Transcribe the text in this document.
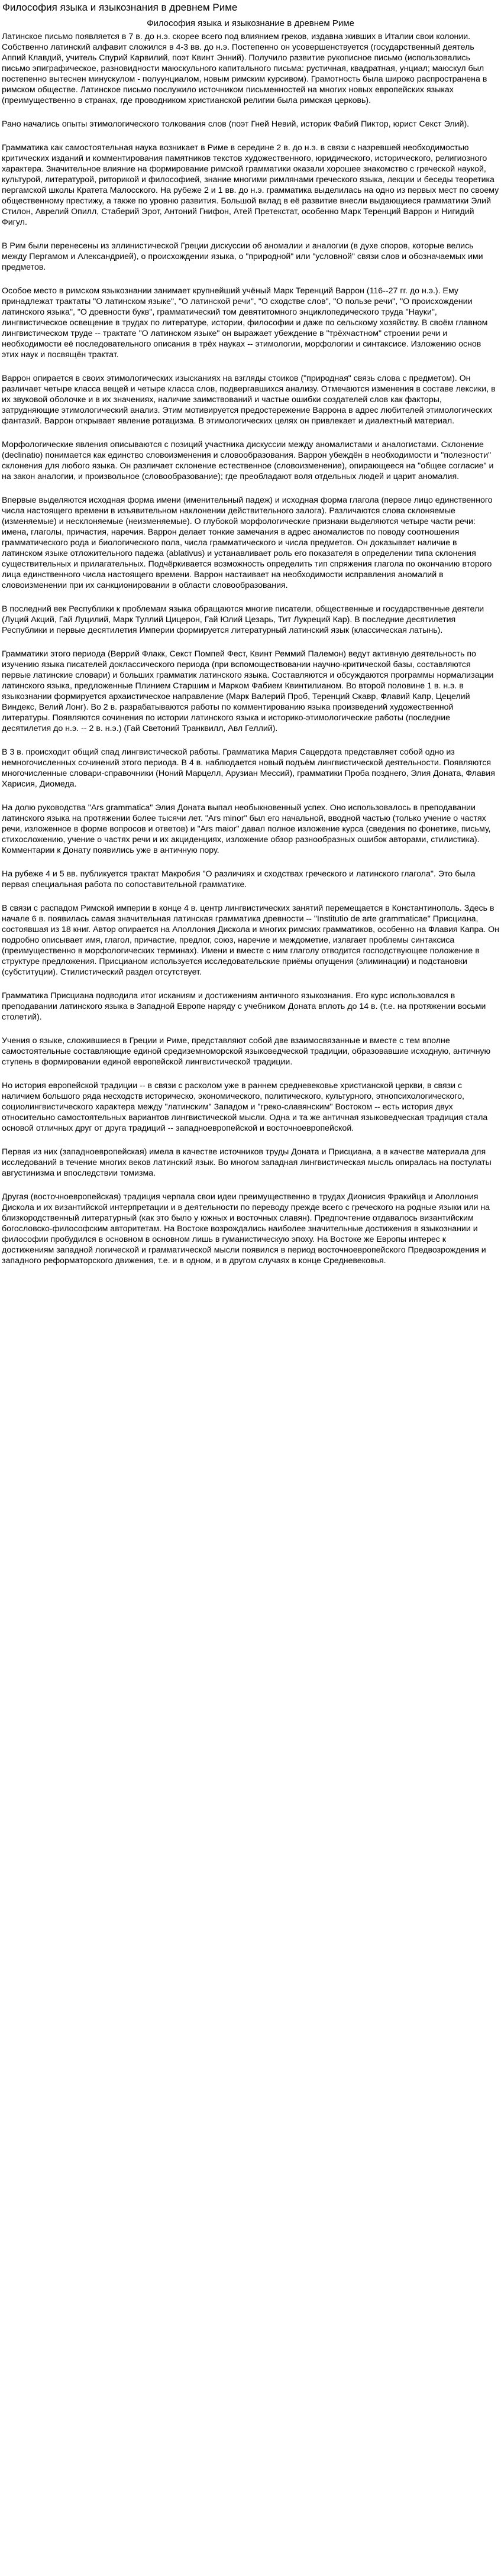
Философия языка и языкознания в древнем Риме
Философия языка и языкознание в древнем Риме

Латинское письмо появляется в 7 в. до н.э. скорее всего под влиянием греков, издавна живших в Италии свои колонии. Собственно латинский алфавит сложился в 4-3 вв. до н.э. Постепенно он усовершенствуется (государственный деятель Аппий Клавдий, учитель Спурий Карвилий, поэт Квинт Энний). Получило развитие рукописное письмо (использовались письмо эпиграфическое, разновидности маюскульного капитального письма: рустичная, квадратная, унциал; маюскул был постепенно вытеснен минускулом - полуунциалом, новым римским курсивом). Грамотность была широко распространена в римском обществе. Латинское письмо послужило источником письменностей на многих новых европейских языках (преимущественно в странах, где проводником христианской религии была римская церковь).

Рано начались опыты этимологического толкования слов (поэт Гней Невий, историк Фабий Пиктор, юрист Секст Элий).

Грамматика как самостоятельная наука возникает в Риме в середине 2 в. до н.э. в связи с назревшей необходимостью критических изданий и комментирования памятников текстов художественного, юридического, исторического, религиозного характера. Значительное влияние на формирование римской грамматики оказали хорошее знакомство с греческой наукой, культурой, литературой, риторикой и философией, знание многими римлянами греческого языка, лекции и беседы теоретика пергамской школы Кратета Малосского. На рубеже 2 и 1 вв. до н.э. грамматика выделилась на одно из первых мест по своему общественному престижу, а также по уровню развития. Большой вклад в её развитие внесли выдающиеся грамматики Элий Стилон, Аврелий Опилл, Стаберий Эрот, Антоний Гнифон, Атей Претекстат, особенно Марк Теренций Варрон и Нигидий Фигул.

В Рим были перенесены из эллинистической Греции дискуссии об аномалии и аналогии (в духе споров, которые велись между Пергамом и Александрией), о происхождении языка, о "природной" или "условной" связи слов и обозначаемых ими предметов.

Особое место в римском языкознании занимает крупнейший учёный Марк Теренций Варрон (116--27 гг. до н.э.). Ему принадлежат трактаты "О латинском языке", "О латинской речи", "О сходстве слов", "О пользе речи", "О происхождении латинского языка", "О древности букв", грамматический том девятитомного энциклопедического труда "Науки", лингвистическое освещение в трудах по литературе, истории, философии и даже по сельскому хозяйству. В своём главном лингвистическом труде -- трактате "О латинском языке" он выражает убеждение в "трёхчастном" строении речи и необходимости её последовательного описания в трёх науках -- этимологии, морфологии и синтаксисе. Изложению основ этих наук и посвящён трактат.

Варрон опирается в своих этимологических изысканиях на взгляды стоиков ("природная" связь слова с предметом). Он различает четыре класса вещей и четыре класса слов, подвергавшихся анализу. Отмечаются изменения в составе лексики, в их звуковой оболочке и в их значениях, наличие заимствований и частые ошибки создателей слов как факторы, затрудняющие этимологический анализ. Этим мотивируется предостережение Варрона в адрес любителей этимологических фантазий. Варрон открывает явление ротацизма. В этимологических целях он привлекает и диалектный материал.

Морфологические явления описываются с позиций участника дискуссии между аномалистами и аналогистами. Склонение (declinatio) понимается как единство словоизменения и словообразования. Варрон убеждён в необходимости и "полезности" склонения для любого языка. Он различает склонение естественное (словоизменение), опирающееся на "общее согласие" и на закон аналогии, и произвольное (словообразование); где преобладают воля отдельных людей и царит аномалия.

Впервые выделяются исходная форма имени (именительный падеж) и исходная форма глагола (первое лицо единственного числа настоящего времени в изъявительном наклонении действительного залога). Различаются слова склоняемые (изменяемые) и несклоняемые (неизменяемые). О глубокой морфологические признаки выделяются четыре части речи: имена, глаголы, причастия, наречия. Варрон делает тонкие замечания в адрес аномалистов по поводу соотношения грамматического рода и биологического пола, числа грамматического и числа предметов. Он доказывает наличие в латинском языке отложительного падежа (ablativus) и устанавливает роль его показателя в определении типа склонения существительных и прилагательных. Подчёркивается возможность определить тип спряжения глагола по окончанию второго лица единственного числа настоящего времени. Варрон настаивает на необходимости исправления аномалий в словоизменении при их санкционировании в области словообразования.

В последний век Республики к проблемам языка обращаются многие писатели, общественные и государственные деятели (Луций Акций, Гай Луцилий, Марк Туллий Цицерон, Гай Юлий Цезарь, Тит Лукреций Кар). В последние десятилетия Республики и первые десятилетия Империи формируется литературный латинский язык (классическая латынь).

Грамматики этого периода (Веррий Флакк, Секст Помпей Фест, Квинт Реммий Палемон) ведут активную деятельность по изучению языка писателей доклассического периода (при вспомоществовании научно-критической базы, составляются первые латинские словари) и больших грамматик латинского языка. Составляются и обсуждаются программы нормализации латинского языка, предложенные Плинием Старшим и Марком Фабием Квинтилианом. Во второй половине 1 в. н.э. в языкознании формируется архаистическое направление (Марк Валерий Проб, Теренций Скавр, Флавий Капр, Цецелий Виндекс, Велий Лонг). Во 2 в. разрабатываются работы по комментированию языка произведений художественной литературы. Появляются сочинения по истории латинского языка и историко-этимологические работы (последние десятилетия до н.э. -- 2 в. н.э.) (Гай Светоний Транквилл, Авл Геллий).

В 3 в. происходит общий спад лингвистической работы. Грамматика Мария Сацердота представляет собой одно из немногочисленных сочинений этого периода. В 4 в. наблюдается новый подъём лингвистической деятельности. Появляются многочисленные словари-справочники (Ноний Марцелл, Арузиан Мессий), грамматики Проба позднего, Элия Доната, Флавия Харисия, Диомеда.

На долю руководства "Ars grammatica" Элия Доната выпал необыкновенный успех. Оно использовалось в преподавании латинского языка на протяжении более тысячи лет. "Ars minor" был его начальной, вводной частью (только учение о частях речи, изложенное в форме вопросов и ответов) и "Ars maior" давал полное изложение курса (сведения по фонетике, письму, стихосложению, учение о частях речи и их акциденциях, изложение обзор разнообразных ошибок авторами, стилистика). Комментарии к Донату появились уже в античную пору.

На рубеже 4 и 5 вв. публикуется трактат Макробия "О различиях и сходствах греческого и латинского глагола". Это была первая специальная работа по сопоставительной грамматике.

В связи с распадом Римской империи в конце 4 в. центр лингвистических занятий перемещается в Константинополь. Здесь в начале 6 в. появилась самая значительная латинская грамматика древности -- "Institutio de arte grammaticae" Присциана, состоявшая из 18 книг. Автор опирается на Аполлония Дискола и многих римских грамматиков, особенно на Флавия Капра. Он подробно описывает имя, глагол, причастие, предлог, союз, наречие и междометие, излагает проблемы синтаксиса (преимущественно в морфологических терминах). Имени и вместе с ним глаголу отводится господствующее положение в структуре предложения. Присцианом используется исследовательские приёмы опущения (элиминации) и подстановки (субституции). Стилистический раздел отсутствует.

Грамматика Присциана подводила итог исканиям и достижениям античного языкознания. Его курс использовался в преподавании латинского языка в Западной Европе наряду с учебником Доната вплоть до 14 в. (т.е. на протяжении восьми столетий).

Учения о языке, сложившиеся в Греции и Риме, представляют собой две взаимосвязанные и вместе с тем вполне самостоятельные составляющие единой средиземноморской языковедческой традиции, образовавшие исходную, античную ступень в формировании единой европейской лингвистической традиции.

Но история европейской традиции -- в связи с расколом уже в раннем средневековье христианской церкви, в связи с наличием большого ряда несходств историческо, экономического, политического, культурного, этнопсихологического, социолингвистического характера между "латинским" Западом и "греко-славянским" Востоком -- есть история двух относительно самостоятельных вариантов лингвистической мысли. Одна и та же античная языковедческая традиция стала основой отличных друг от друга традиций -- западноевропейской и восточноевропейской.

Первая из них (западноевропейская) имела в качестве источников труды Доната и Присциана, а в качестве материала для исследований в течение многих веков латинский язык. Во многом западная лингвистическая мысль опиралась на постулаты августинизма и впоследствии томизма.

Другая (восточноевропейская) традиция черпала свои идеи преимущественно в трудах Дионисия Фракийца и Аполлония Дискола и их византийской интерпретации и в деятельности по переводу прежде всего с греческого на родные языки или на близкородственный литературный (как это было у южных и восточных славян). Предпочтение отдавалось византийским богословско-философским авторитетам. На Востоке возрождались наиболее значительные достижения в языкознании и философии пробудился в основном в основном лишь в гуманистическую эпоху. На Востоке же Европы интерес к достижениям западной логической и грамматической мысли появился в период восточноевропейского Предвозрождения и западного реформаторского движения, т.е. и в одном, и в другом случаях в конце Средневековья.
